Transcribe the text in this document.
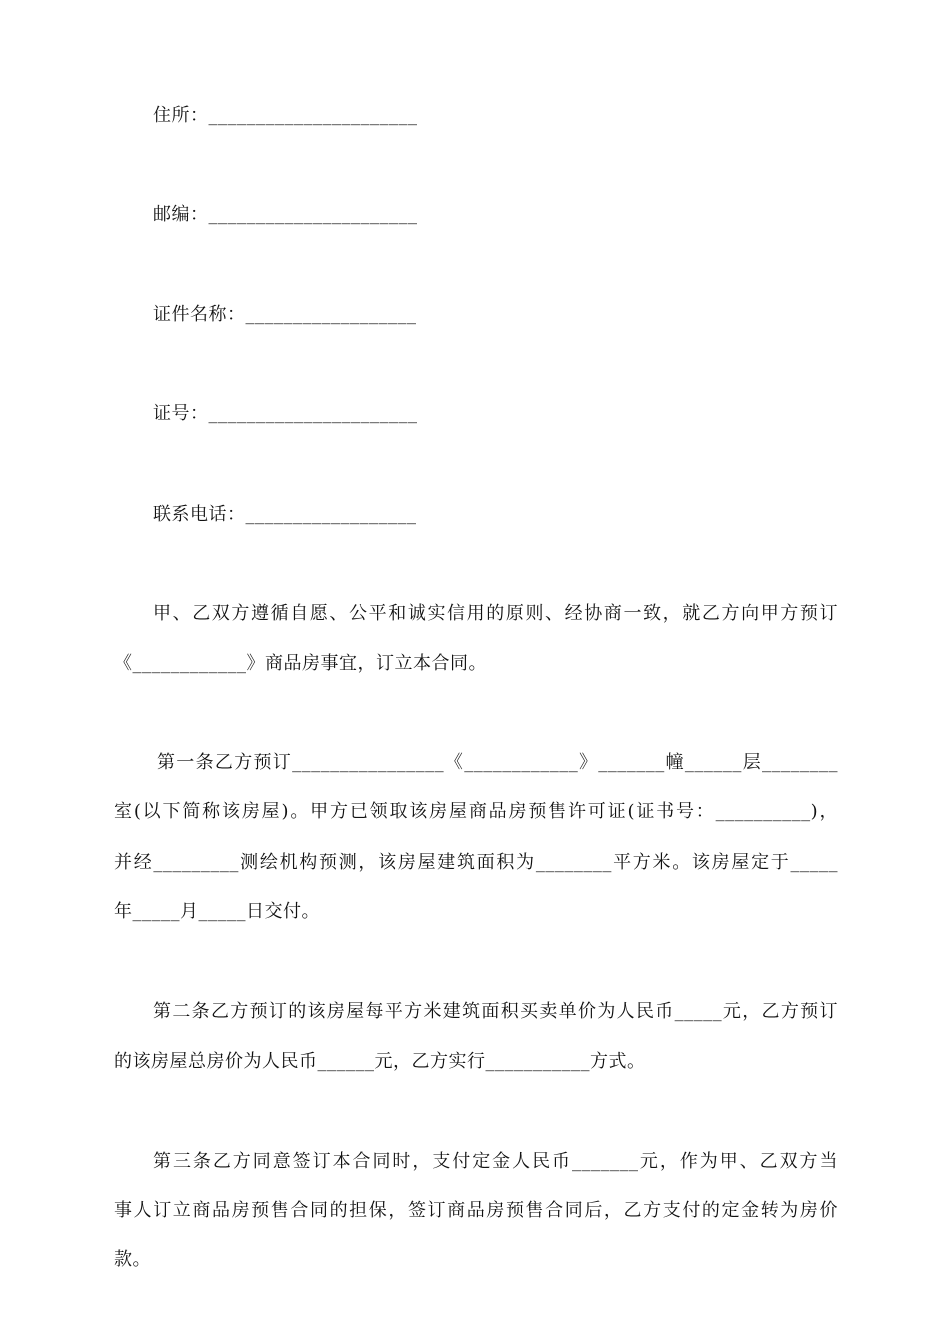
住所：______________________
邮编：______________________
证件名称：__________________
证号：______________________
联系电话：__________________
甲、乙双方遵循自愿、公平和诚实信用的原则、经协商一致，就乙方向甲方预订
《____________》商品房事宜，订立本合同。
第一条乙方预订________________《____________》_______幢______层________
室(以下简称该房屋)。甲方已领取该房屋商品房预售许可证(证书号：__________)，
并经_________测绘机构预测，该房屋建筑面积为________平方米。该房屋定于_____
年_____月_____日交付。
第二条乙方预订的该房屋每平方米建筑面积买卖单价为人民币_____元，乙方预订
的该房屋总房价为人民币______元，乙方实行___________方式。
第三条乙方同意签订本合同时，支付定金人民币_______元，作为甲、乙双方当
事人订立商品房预售合同的担保，签订商品房预售合同后，乙方支付的定金转为房价
款。
